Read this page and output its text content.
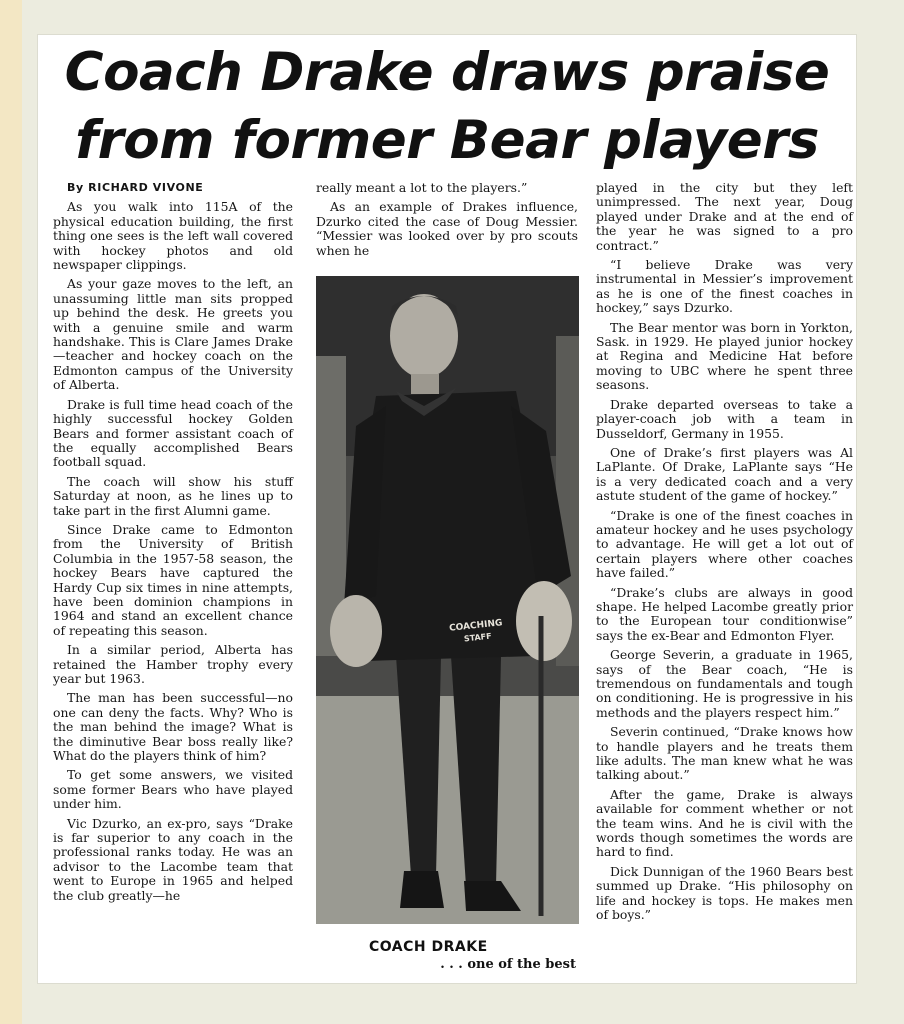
Coach Drake draws praise
from former Bear players

By RICHARD VIVONE

As you walk into 115A of the physical education building, the first thing one sees is the left wall covered with hockey photos and old newspaper clippings.

As your gaze moves to the left, an unassuming little man sits propped up behind the desk. He greets you with a genuine smile and warm handshake. This is Clare James Drake—teacher and hockey coach on the Edmonton campus of the University of Alberta.

Drake is full time head coach of the highly successful hockey Golden Bears and former assistant coach of the equally accomplished Bears football squad.

The coach will show his stuff Saturday at noon, as he lines up to take part in the first Alumni game.

Since Drake came to Edmonton from the University of British Columbia in the 1957-58 season, the hockey Bears have captured the Hardy Cup six times in nine attempts, have been dominion champions in 1964 and stand an excellent chance of repeating this season.

In a similar period, Alberta has retained the Hamber trophy every year but 1963.

The man has been successful—no one can deny the facts. Why? Who is the man behind the image? What is the diminutive Bear boss really like? What do the players think of him?

To get some answers, we visited some former Bears who have played under him.

Vic Dzurko, an ex-pro, says “Drake is far superior to any coach in the professional ranks today. He was an advisor to the Lacombe team that went to Europe in 1965 and helped the club greatly—he

really meant a lot to the players.”

As an example of Drakes influence, Dzurko cited the case of Doug Messier. “Messier was looked over by pro scouts when he

COACHING
STAFF
COACH DRAKE
. . . one of the best

played in the city but they left unimpressed. The next year, Doug played under Drake and at the end of the year he was signed to a pro contract.”

“I believe Drake was very instrumental in Messier’s improvement as he is one of the finest coaches in hockey,” says Dzurko.

The Bear mentor was born in Yorkton, Sask. in 1929. He played junior hockey at Regina and Medicine Hat before moving to UBC where he spent three seasons.

Drake departed overseas to take a player-coach job with a team in Dusseldorf, Germany in 1955.

One of Drake’s first players was Al LaPlante. Of Drake, LaPlante says “He is a very dedicated coach and a very astute student of the game of hockey.”

“Drake is one of the finest coaches in amateur hockey and he uses psychology to advantage. He will get a lot out of certain players where other coaches have failed.”

“Drake’s clubs are always in good shape. He helped Lacombe greatly prior to the European tour conditionwise” says the ex-Bear and Edmonton Flyer.

George Severin, a graduate in 1965, says of the Bear coach, “He is tremendous on fundamentals and tough on conditioning. He is progressive in his methods and the players respect him.”

Severin continued, “Drake knows how to handle players and he treats them like adults. The man knew what he was talking about.”

After the game, Drake is always available for comment whether or not the team wins. And he is civil with the words though sometimes the words are hard to find.

Dick Dunnigan of the 1960 Bears best summed up Drake. “His philosophy on life and hockey is tops. He makes men of boys.”
